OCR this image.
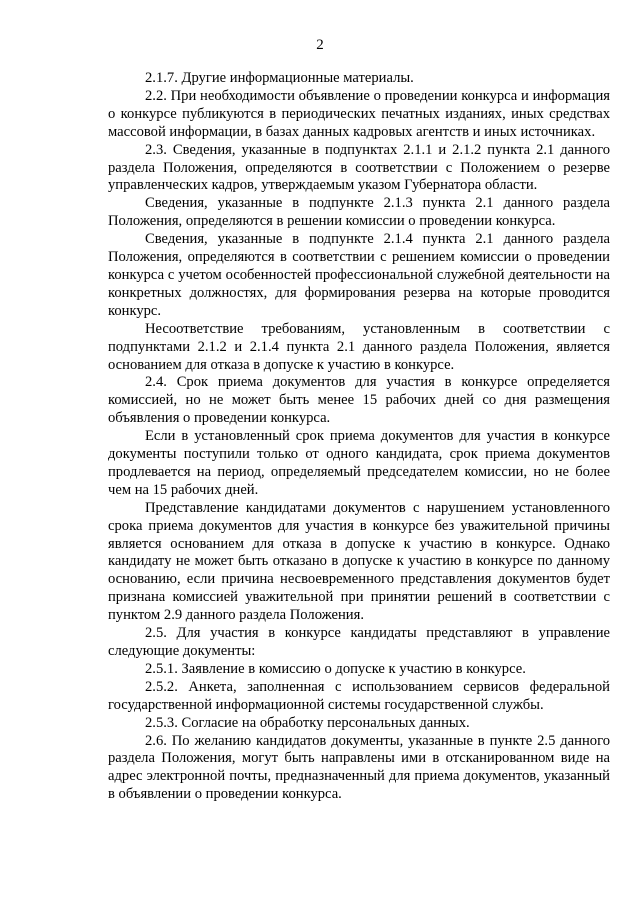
2

2.1.7. Другие информационные материалы.

2.2. При необходимости объявление о проведении конкурса и информация о конкурсе публикуются в периодических печатных изданиях, иных средствах массовой информации, в базах данных кадровых агентств и иных источниках.

2.3. Сведения, указанные в подпунктах 2.1.1 и 2.1.2 пункта 2.1 данного раздела Положения, определяются в соответствии с Положением о резерве управленческих кадров, утверждаемым указом Губернатора области.

Сведения, указанные в подпункте 2.1.3 пункта 2.1 данного раздела Положения, определяются в решении комиссии о проведении конкурса.

Сведения, указанные в подпункте 2.1.4 пункта 2.1 данного раздела Положения, определяются в соответствии с решением комиссии о проведении конкурса с учетом особенностей профессиональной служебной деятельности на конкретных должностях, для формирования резерва на которые проводится конкурс.

Несоответствие требованиям, установленным в соответствии с подпунктами 2.1.2 и 2.1.4 пункта 2.1 данного раздела Положения, является основанием для отказа в допуске к участию в конкурсе.

2.4. Срок приема документов для участия в конкурсе определяется комиссией, но не может быть менее 15 рабочих дней со дня размещения объявления о проведении конкурса.

Если в установленный срок приема документов для участия в конкурсе документы поступили только от одного кандидата, срок приема документов продлевается на период, определяемый председателем комиссии, но не более чем на 15 рабочих дней.

Представление кандидатами документов с нарушением установленного срока приема документов для участия в конкурсе без уважительной причины является основанием для отказа в допуске к участию в конкурсе. Однако кандидату не может быть отказано в допуске к участию в конкурсе по данному основанию, если причина несвоевременного представления документов будет признана комиссией уважительной при принятии решений в соответствии с пунктом 2.9 данного раздела Положения.

2.5. Для участия в конкурсе кандидаты представляют в управление следующие документы:

2.5.1. Заявление в комиссию о допуске к участию в конкурсе.

2.5.2. Анкета, заполненная с использованием сервисов федеральной государственной информационной системы государственной службы.

2.5.3. Согласие на обработку персональных данных.

2.6. По желанию кандидатов документы, указанные в пункте 2.5 данного раздела Положения, могут быть направлены ими в отсканированном виде на адрес электронной почты, предназначенный для приема документов, указанный в объявлении о проведении конкурса.
